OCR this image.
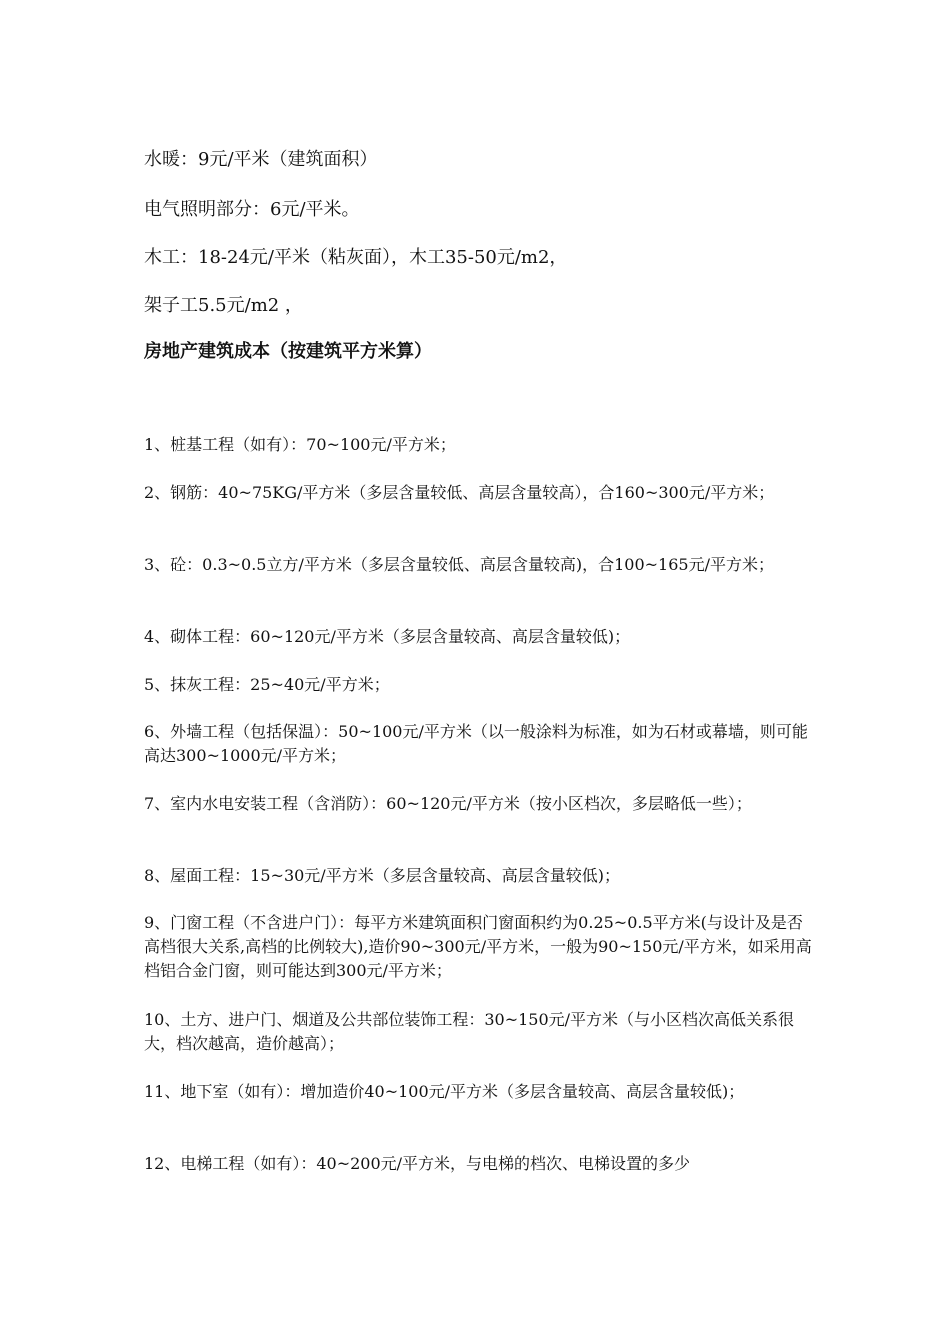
水暖：9元/平米（建筑面积）
电气照明部分：6元/平米。
木工：18-24元/平米（粘灰面），木工35-50元/m2，
架子工5.5元/m2 ，
房地产建筑成本（按建筑平方米算）
1、桩基工程（如有）：70~100元/平方米；
2、钢筋：40~75KG/平方米（多层含量较低、高层含量较高），合160~300元/平方米；
3、砼：0.3~0.5立方/平方米（多层含量较低、高层含量较高)，合100~165元/平方米；
4、砌体工程：60~120元/平方米（多层含量较高、高层含量较低)；
5、抹灰工程：25~40元/平方米；
6、外墙工程（包括保温）：50~100元/平方米（以一般涂料为标准，如为石材或幕墙，则可能高达300~1000元/平方米；
7、室内水电安装工程（含消防）：60~120元/平方米（按小区档次，多层略低一些）；
8、屋面工程：15~30元/平方米（多层含量较高、高层含量较低)；
9、门窗工程（不含进户门）：每平方米建筑面积门窗面积约为0.25~0.5平方米(与设计及是否高档很大关系,高档的比例较大),造价90~300元/平方米，一般为90~150元/平方米，如采用高档铝合金门窗，则可能达到300元/平方米；
10、土方、进户门、烟道及公共部位装饰工程：30~150元/平方米（与小区档次高低关系很大，档次越高，造价越高）；
11、地下室（如有）：增加造价40~100元/平方米（多层含量较高、高层含量较低)；
12、电梯工程（如有）：40~200元/平方米，与电梯的档次、电梯设置的多少
